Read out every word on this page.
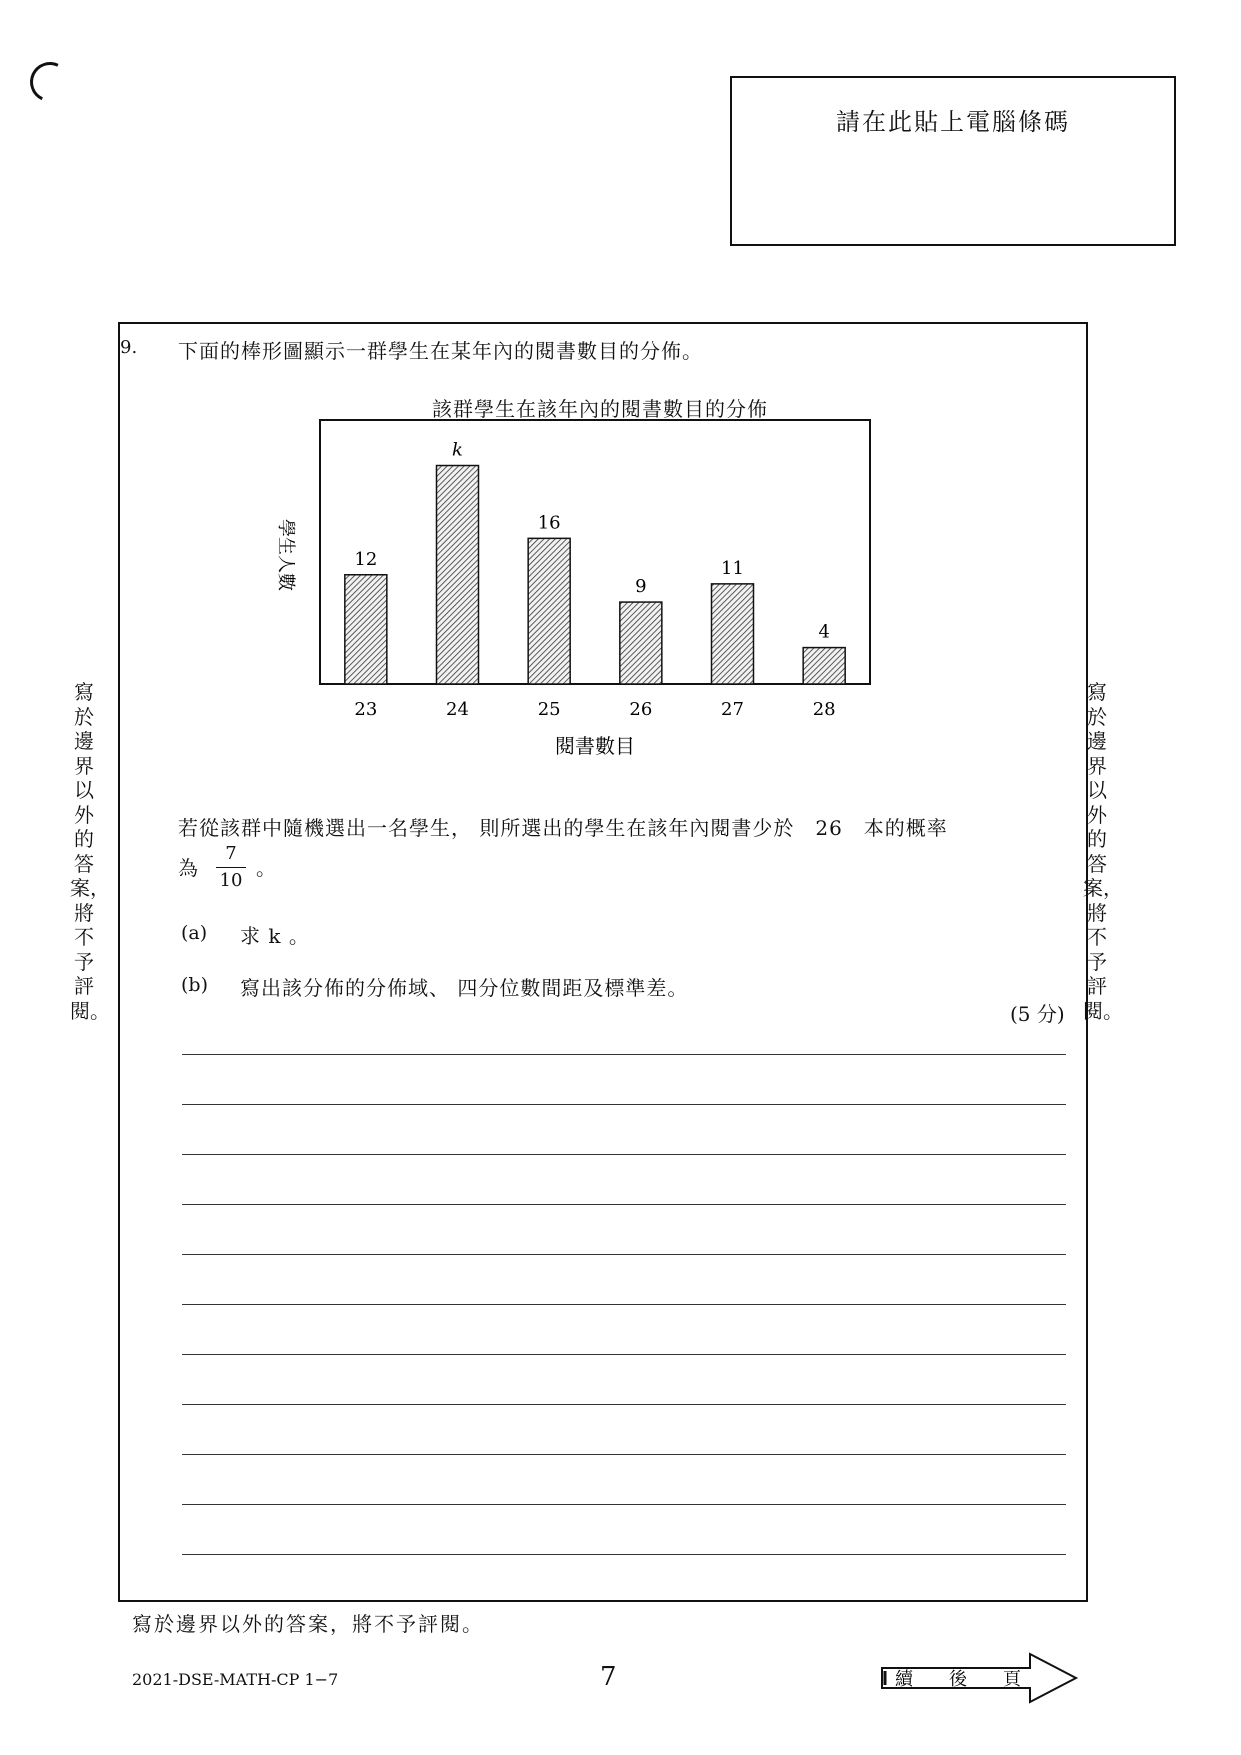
請在此貼上電腦條碼
9. 下面的棒形圖顯示一群學生在某年內的閱書數目的分佈。
該群學生在該年內的閱書數目的分佈
12
k
16
9
11
4
23	24	25	26	27	28
閱書數目
學生人數
若從該群中隨機選出一名學生， 則所選出的學生在該年內閱書少於　26　本的概率
為 $\frac{7}{10}$ 。
(a) 求 k 。
(b) 寫出該分佈的分佈域、 四分位數間距及標準差。
(5 分)
寫於邊界以外的答案，將不予評閱。
寫於邊界以外的答案，將不予評閱。
寫於邊界以外的答案，將不予評閱。
2021-DSE-MATH-CP 1−7	7	續　　後　　頁
